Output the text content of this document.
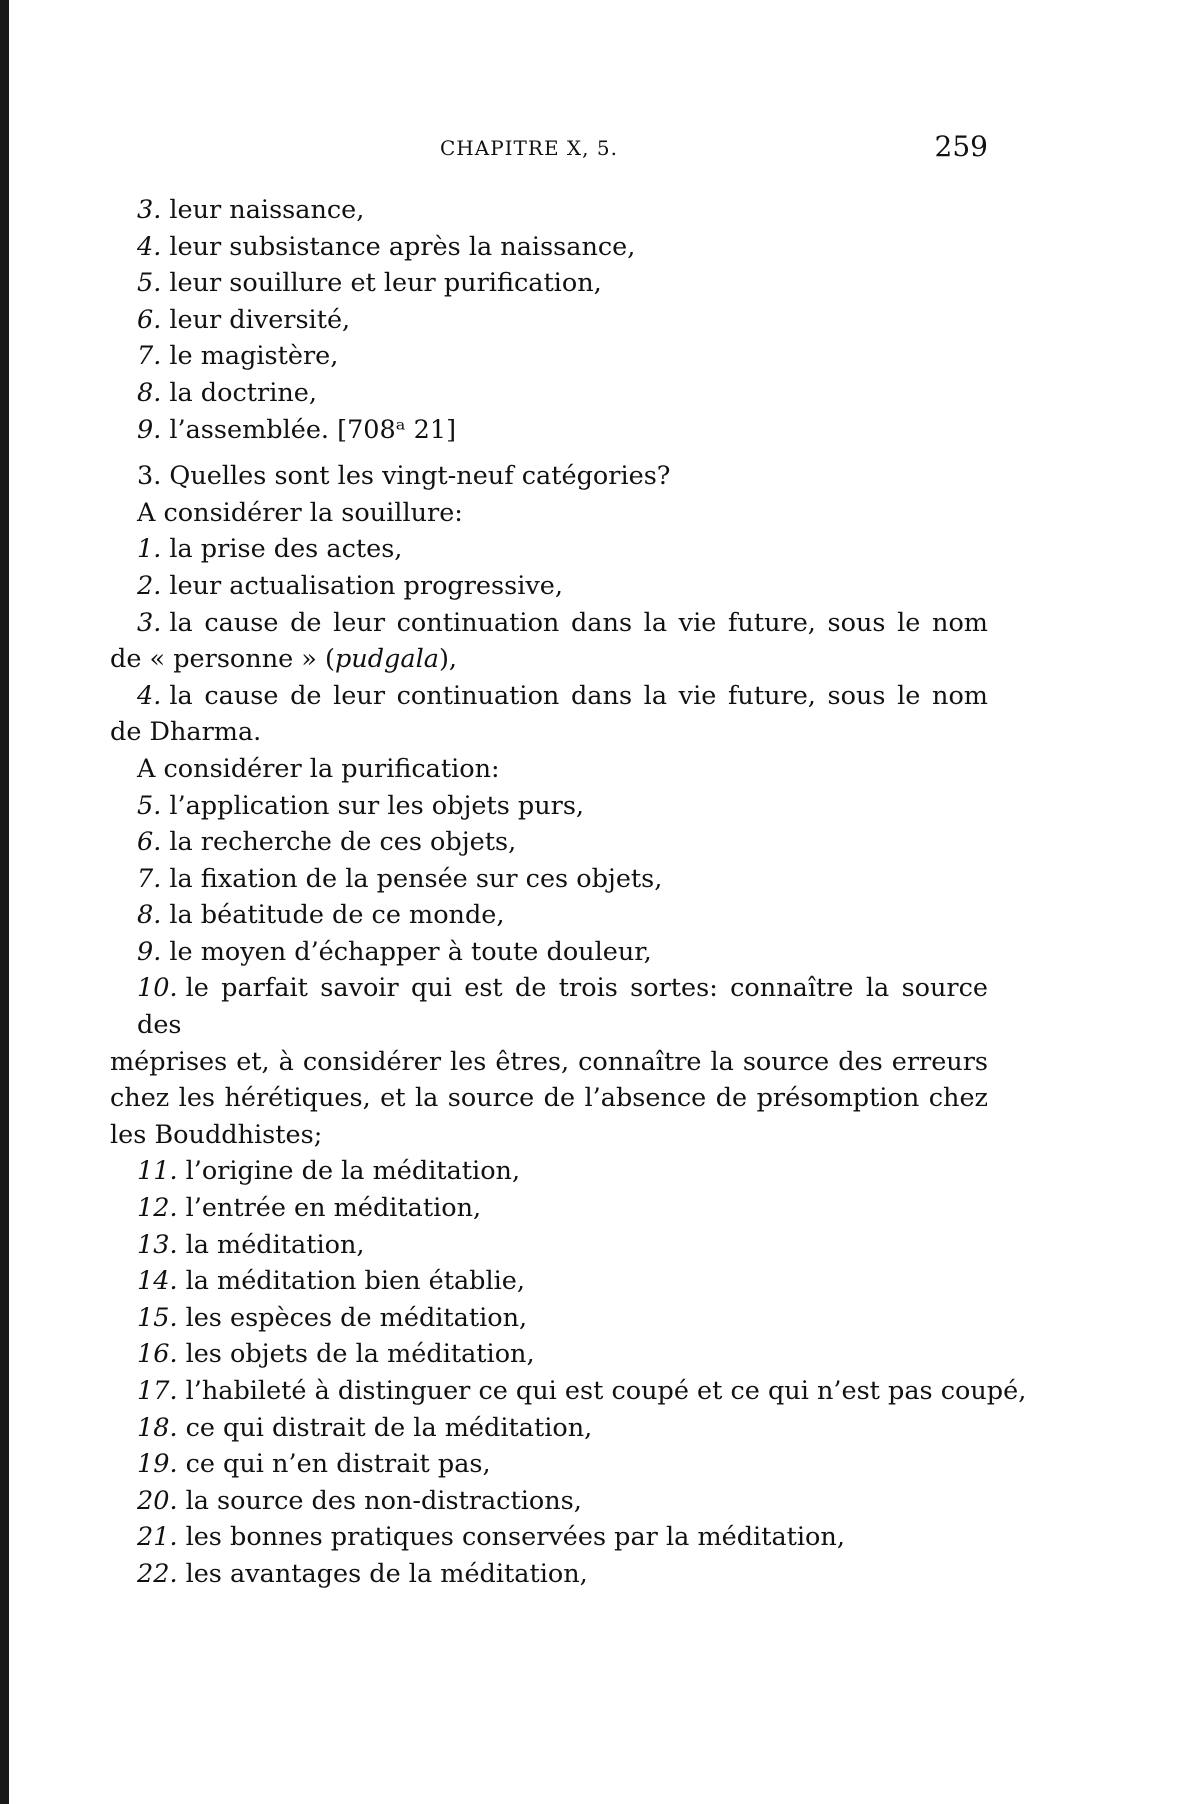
CHAPITRE X, 5.	259
3. leur naissance,
4. leur subsistance après la naissance,
5. leur souillure et leur purification,
6. leur diversité,
7. le magistère,
8. la doctrine,
9. l’assemblée. [708ᵃ 21]
3. Quelles sont les vingt-neuf catégories?
A considérer la souillure:
1. la prise des actes,
2. leur actualisation progressive,
3. la cause de leur continuation dans la vie future, sous le nom
de « personne » (pudgala),
4. la cause de leur continuation dans la vie future, sous le nom
de Dharma.
A considérer la purification:
5. l’application sur les objets purs,
6. la recherche de ces objets,
7. la fixation de la pensée sur ces objets,
8. la béatitude de ce monde,
9. le moyen d’échapper à toute douleur,
10. le parfait savoir qui est de trois sortes: connaître la source des
méprises et, à considérer les êtres, connaître la source des erreurs
chez les hérétiques, et la source de l’absence de présomption chez
les Bouddhistes;
11. l’origine de la méditation,
12. l’entrée en méditation,
13. la méditation,
14. la méditation bien établie,
15. les espèces de méditation,
16. les objets de la méditation,
17. l’habileté à distinguer ce qui est coupé et ce qui n’est pas coupé,
18. ce qui distrait de la méditation,
19. ce qui n’en distrait pas,
20. la source des non-distractions,
21. les bonnes pratiques conservées par la méditation,
22. les avantages de la méditation,
